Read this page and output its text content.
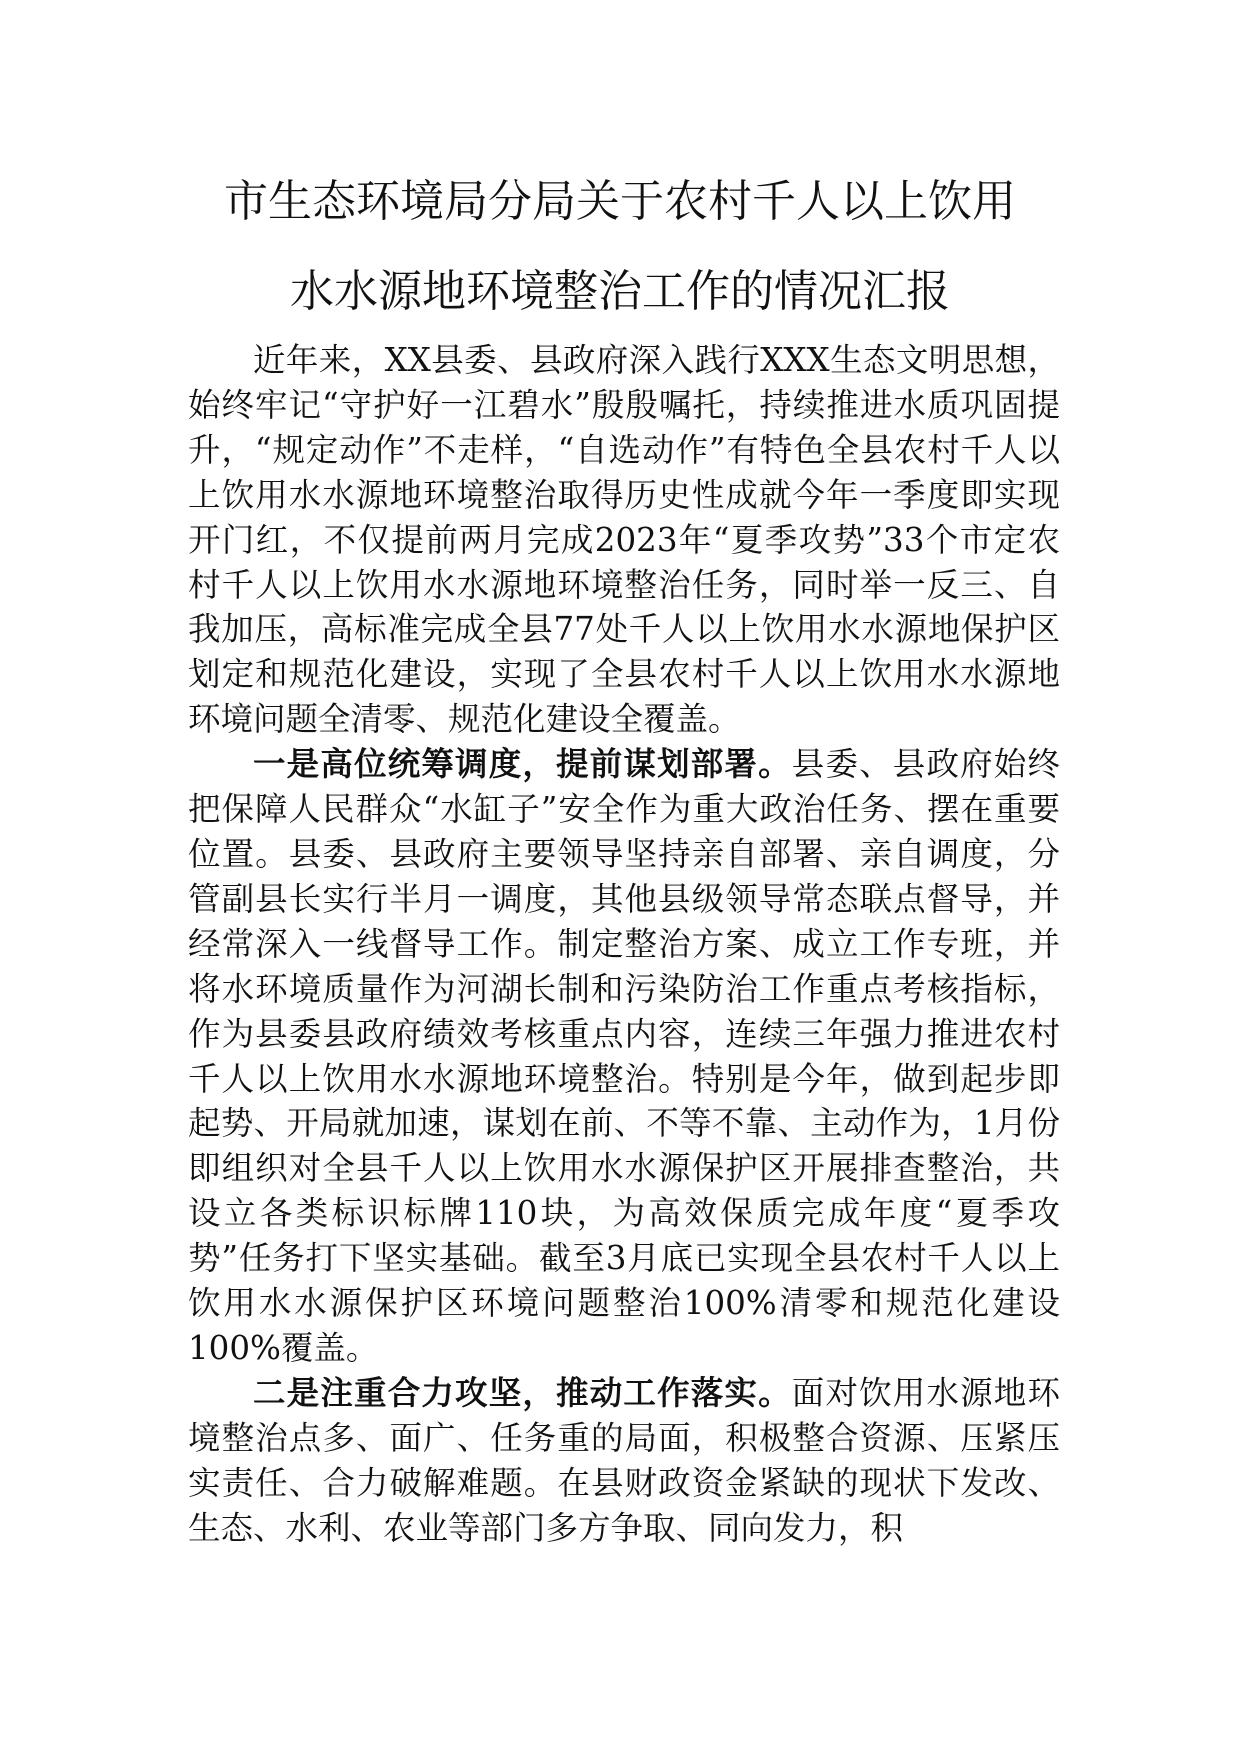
市生态环境局分局关于农村千人以上饮用
水水源地环境整治工作的情况汇报

近年来，XX县委、县政府深入践行XXX生态文明思想，始终牢记“守护好一江碧水”殷殷嘱托，持续推进水质巩固提升，“规定动作”不走样，“自选动作”有特色全县农村千人以上饮用水水源地环境整治取得历史性成就今年一季度即实现开门红，不仅提前两月完成2023年“夏季攻势”33个市定农村千人以上饮用水水源地环境整治任务，同时举一反三、自我加压，高标准完成全县77处千人以上饮用水水源地保护区划定和规范化建设，实现了全县农村千人以上饮用水水源地环境问题全清零、规范化建设全覆盖。

一是高位统筹调度，提前谋划部署。县委、县政府始终把保障人民群众“水缸子”安全作为重大政治任务、摆在重要位置。县委、县政府主要领导坚持亲自部署、亲自调度，分管副县长实行半月一调度，其他县级领导常态联点督导，并经常深入一线督导工作。制定整治方案、成立工作专班，并将水环境质量作为河湖长制和污染防治工作重点考核指标，作为县委县政府绩效考核重点内容，连续三年强力推进农村千人以上饮用水水源地环境整治。特别是今年，做到起步即起势、开局就加速，谋划在前、不等不靠、主动作为，1月份即组织对全县千人以上饮用水水源保护区开展排查整治，共设立各类标识标牌110块，为高效保质完成年度“夏季攻势”任务打下坚实基础。截至3月底已实现全县农村千人以上饮用水水源保护区环境问题整治100%清零和规范化建设100%覆盖。

二是注重合力攻坚，推动工作落实。面对饮用水源地环境整治点多、面广、任务重的局面，积极整合资源、压紧压实责任、合力破解难题。在县财政资金紧缺的现状下发改、生态、水利、农业等部门多方争取、同向发力，积
